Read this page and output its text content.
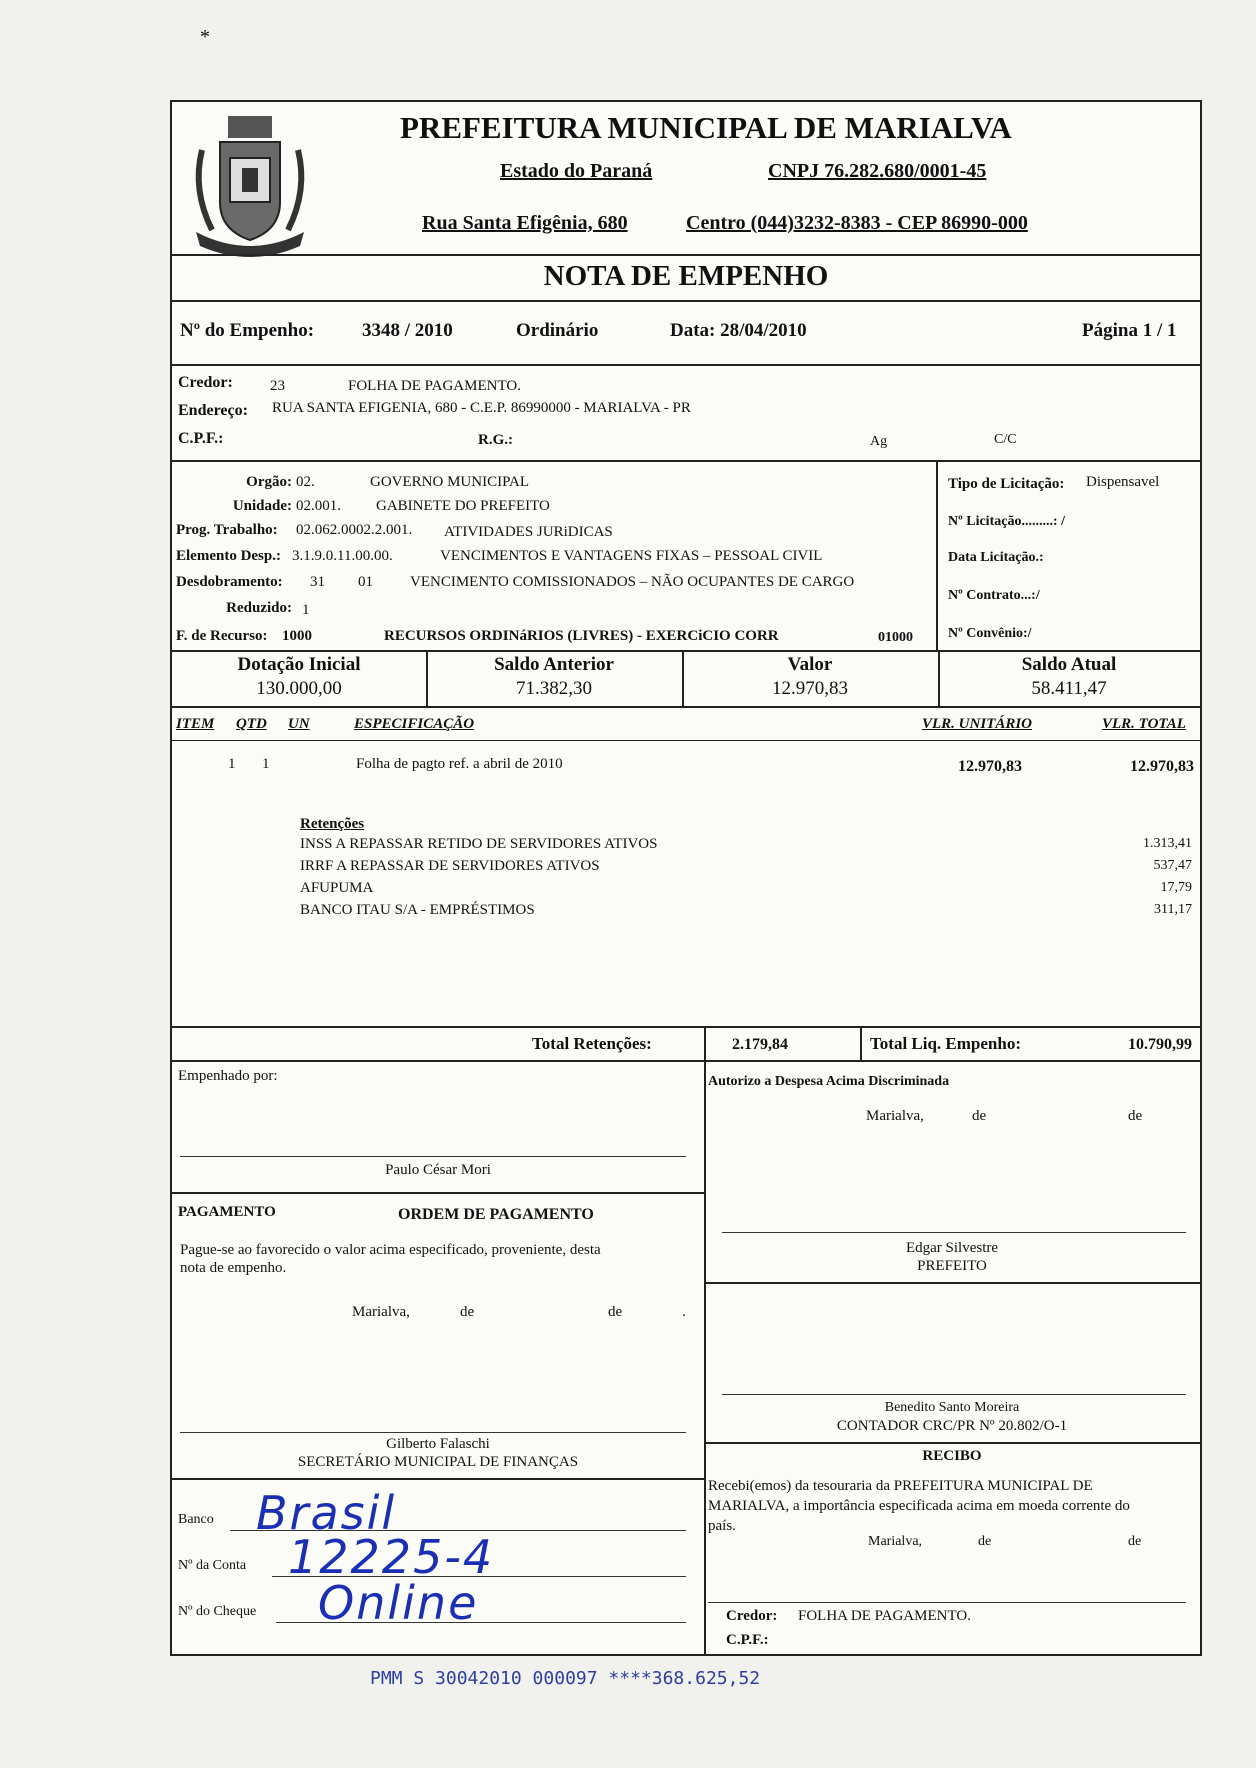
*
PREFEITURA MUNICIPAL DE MARIALVA
Estado do Paraná	CNPJ 76.282.680/0001-45
Rua Santa Efigênia, 680	Centro (044)3232-8383 - CEP 86990-000
NOTA DE EMPENHO
Nº do Empenho:	3348 / 2010	Ordinário	Data: 28/04/2010	Página 1 / 1
Credor: 23	FOLHA DE PAGAMENTO.
Endereço: RUA SANTA EFIGENIA, 680 - C.E.P. 86990000 - MARIALVA - PR
C.P.F.:	R.G.:	Ag	C/C
Orgão: 02.	GOVERNO MUNICIPAL
Unidade: 02.001. GABINETE DO PREFEITO
Prog. Trabalho: 02.062.0002.2.001. ATIVIDADES JURiDICAS
Elemento Desp.: 3.1.9.0.11.00.00.	VENCIMENTOS E VANTAGENS FIXAS – PESSOAL CIVIL
Desdobramento: 31 01 VENCIMENTO COMISSIONADOS – NÃO OCUPANTES DE CARGO
Reduzido: 1
F. de Recurso: 1000	RECURSOS ORDINáRIOS (LIVRES) - EXERCiCIO CORR	01000
Tipo de Licitação: Dispensavel
Nº Licitação.........: /
Data Licitação.:
Nº Contrato...:/
Nº Convênio:/
Dotação Inicial
130.000,00
Saldo Anterior
71.382,30
Valor
12.970,83
Saldo Atual
58.411,47
ITEM QTD UN	ESPECIFICAÇÃO	VLR. UNITÁRIO	VLR. TOTAL
1 1	Folha de pagto ref. a abril de 2010	12.970,83	12.970,83
Retenções
INSS A REPASSAR RETIDO DE SERVIDORES ATIVOS	1.313,41
IRRF A REPASSAR DE SERVIDORES ATIVOS	537,47
AFUPUMA	17,79
BANCO ITAU S/A - EMPRÉSTIMOS	311,17
Total Retenções:	2.179,84	Total Liq. Empenho:	10.790,99
Empenhado por:
Paulo César Mori
PAGAMENTO	ORDEM DE PAGAMENTO
Pague-se ao favorecido o valor acima especificado, proveniente, desta
nota de empenho.
Marialva,	de	de	.
Gilberto Falaschi
SECRETÁRIO MUNICIPAL DE FINANÇAS
Banco Brasil
Nº da Conta 12225-4
Nº do Cheque Online
Autorizo a Despesa Acima Discriminada
Marialva,	de	de
Edgar Silvestre
PREFEITO
Benedito Santo Moreira
CONTADOR CRC/PR Nº 20.802/O-1
RECIBO
Recebi(emos) da tesouraria da PREFEITURA MUNICIPAL DE
MARIALVA, a importância especificada acima em moeda corrente do
país.
Marialva,	de	de
Credor: FOLHA DE PAGAMENTO.
C.P.F.:
PMM S 30042010 000097 ****368.625,52
